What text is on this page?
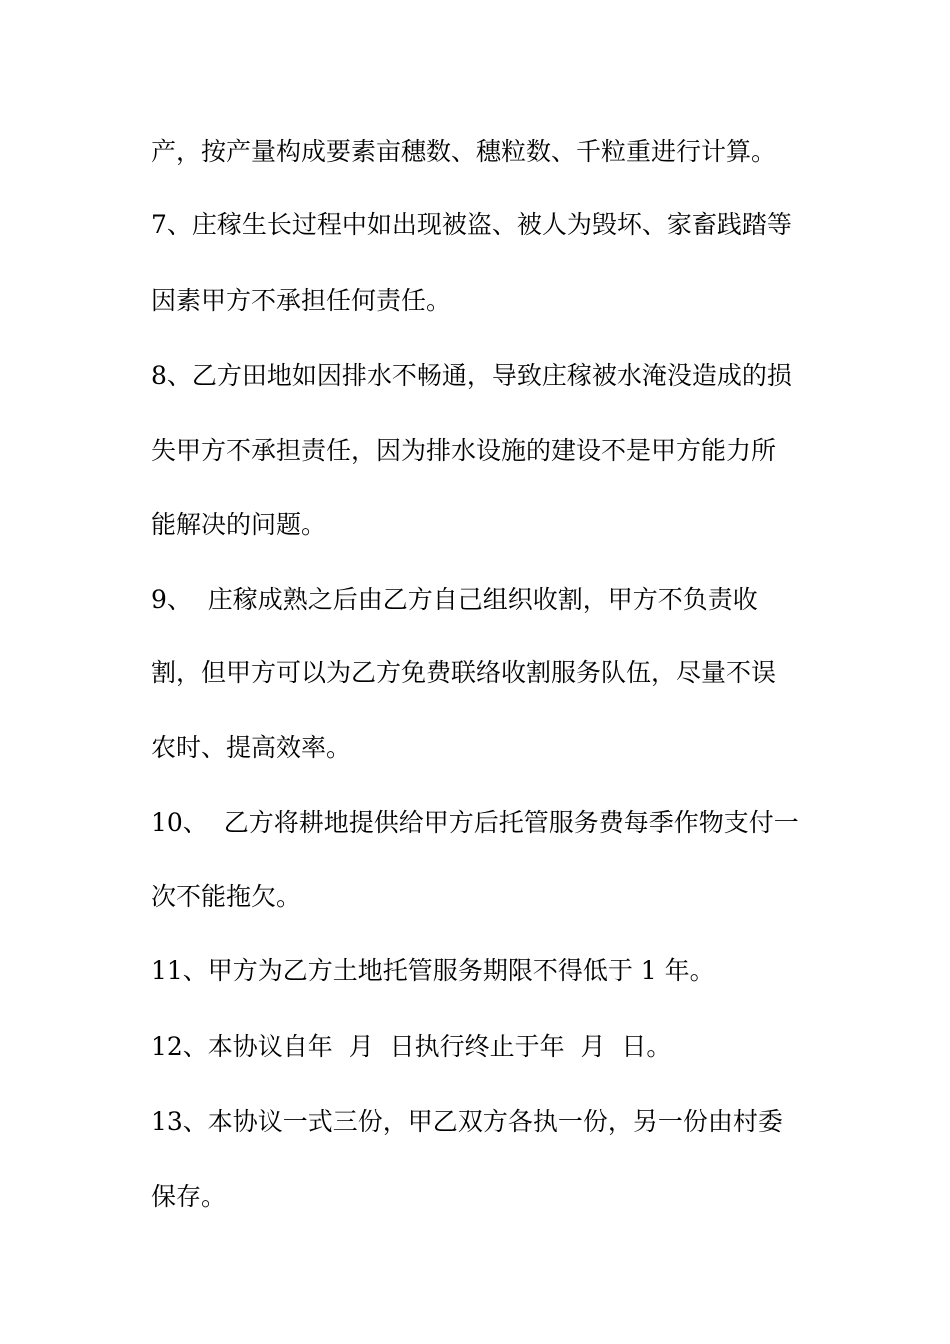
产，按产量构成要素亩穗数、穗粒数、千粒重进行计算。
7、庄稼生长过程中如出现被盗、被人为毁坏、家畜践踏等
因素甲方不承担任何责任。
8、乙方田地如因排水不畅通，导致庄稼被水淹没造成的损
失甲方不承担责任，因为排水设施的建设不是甲方能力所
能解决的问题。
9、  庄稼成熟之后由乙方自己组织收割，甲方不负责收
割，但甲方可以为乙方免费联络收割服务队伍，尽量不误
农时、提高效率。
10、  乙方将耕地提供给甲方后托管服务费每季作物支付一
次不能拖欠。
11、甲方为乙方土地托管服务期限不得低于 1 年。
12、本协议自年  月  日执行终止于年  月  日。
13、本协议一式三份，甲乙双方各执一份，另一份由村委
保存。
